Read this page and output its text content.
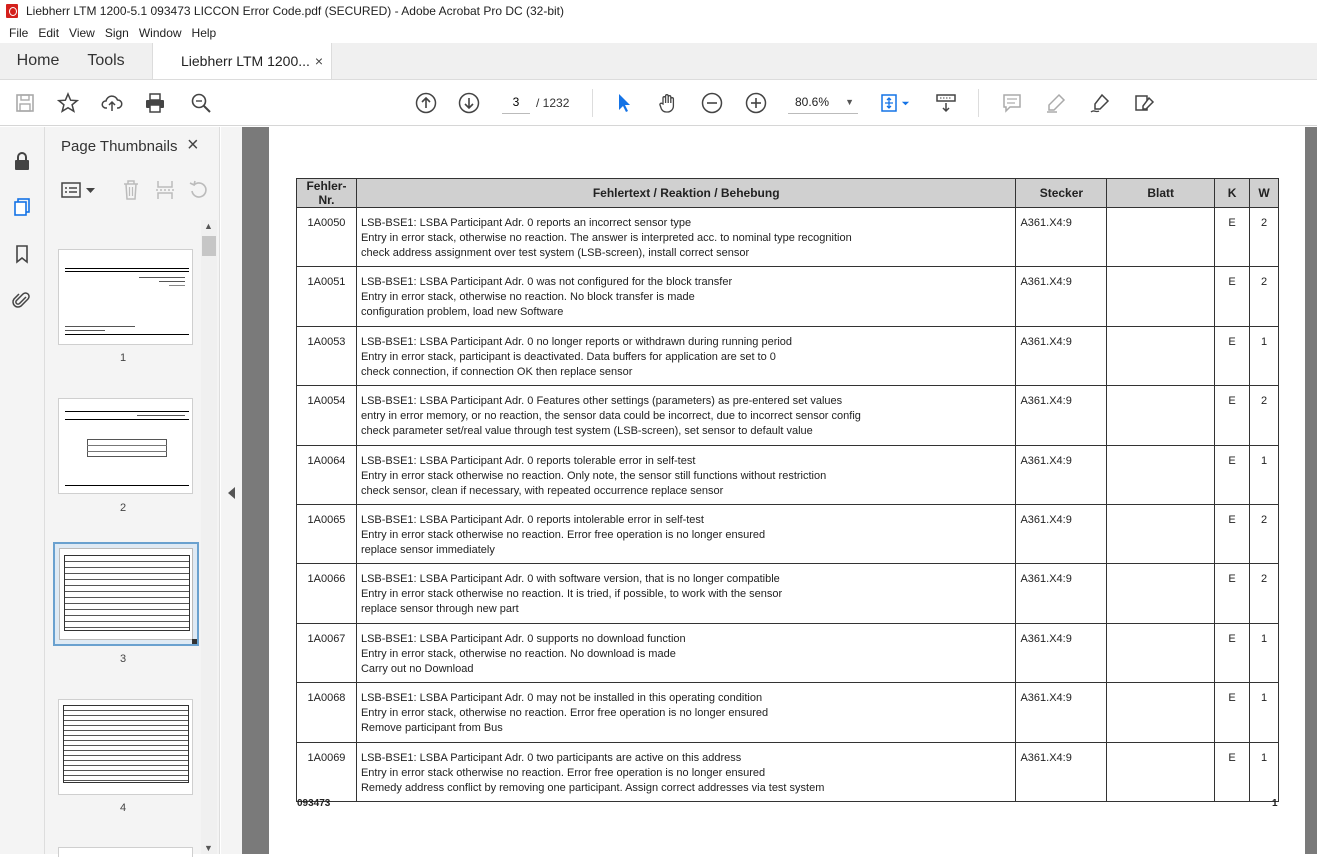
Liebherr LTM 1200-5.1 093473 LICCON Error Code.pdf (SECURED) - Adobe Acrobat Pro DC (32-bit)
File Edit View Sign Window Help
Home	Tools	Liebherr LTM 1200... ×
3
/ 1232	80.6% ▼
Page Thumbnails ×
1
2
3
4
▲
▼
Fehler-Nr.	Fehlertext / Reaktion / Behebung	Stecker	Blatt	K	W
1A0050	LSB-BSE1: LSBA Participant Adr. 0 reports an incorrect sensor type
Entry in error stack, otherwise no reaction. The answer is interpreted acc. to nominal type recognition
check address assignment over test system (LSB-screen), install correct sensor	A361.X4:9		E	2
1A0051	LSB-BSE1: LSBA Participant Adr. 0 was not configured for the block transfer
Entry in error stack, otherwise no reaction. No block transfer is made
configuration problem, load new Software	A361.X4:9		E	2
1A0053	LSB-BSE1: LSBA Participant Adr. 0 no longer reports or withdrawn during running period
Entry in error stack, participant is deactivated. Data buffers for application are set to 0
check connection, if connection OK then replace sensor	A361.X4:9		E	1
1A0054	LSB-BSE1: LSBA Participant Adr. 0 Features other settings (parameters) as pre-entered set values
entry in error memory, or no reaction, the sensor data could be incorrect, due to incorrect sensor config
check parameter set/real value through test system (LSB-screen), set sensor to default value	A361.X4:9		E	2
1A0064	LSB-BSE1: LSBA Participant Adr. 0 reports tolerable error in self-test
Entry in error stack otherwise no reaction. Only note, the sensor still functions without restriction
check sensor, clean if necessary, with repeated occurrence replace sensor	A361.X4:9		E	1
1A0065	LSB-BSE1: LSBA Participant Adr. 0 reports intolerable error in self-test
Entry in error stack otherwise no reaction. Error free operation is no longer ensured
replace sensor immediately	A361.X4:9		E	2
1A0066	LSB-BSE1: LSBA Participant Adr. 0 with software version, that is no longer compatible
Entry in error stack otherwise no reaction. It is tried, if possible, to work with the sensor
replace sensor through new part	A361.X4:9		E	2
1A0067	LSB-BSE1: LSBA Participant Adr. 0 supports no download function
Entry in error stack, otherwise no reaction. No download is made
Carry out no Download	A361.X4:9		E	1
1A0068	LSB-BSE1: LSBA Participant Adr. 0 may not be installed in this operating condition
Entry in error stack, otherwise no reaction. Error free operation is no longer ensured
Remove participant from Bus	A361.X4:9		E	1
1A0069	LSB-BSE1: LSBA Participant Adr. 0 two participants are active on this address
Entry in error stack otherwise no reaction. Error free operation is no longer ensured
Remedy address conflict by removing one participant. Assign correct addresses via test system	A361.X4:9		E	1
093473	1
